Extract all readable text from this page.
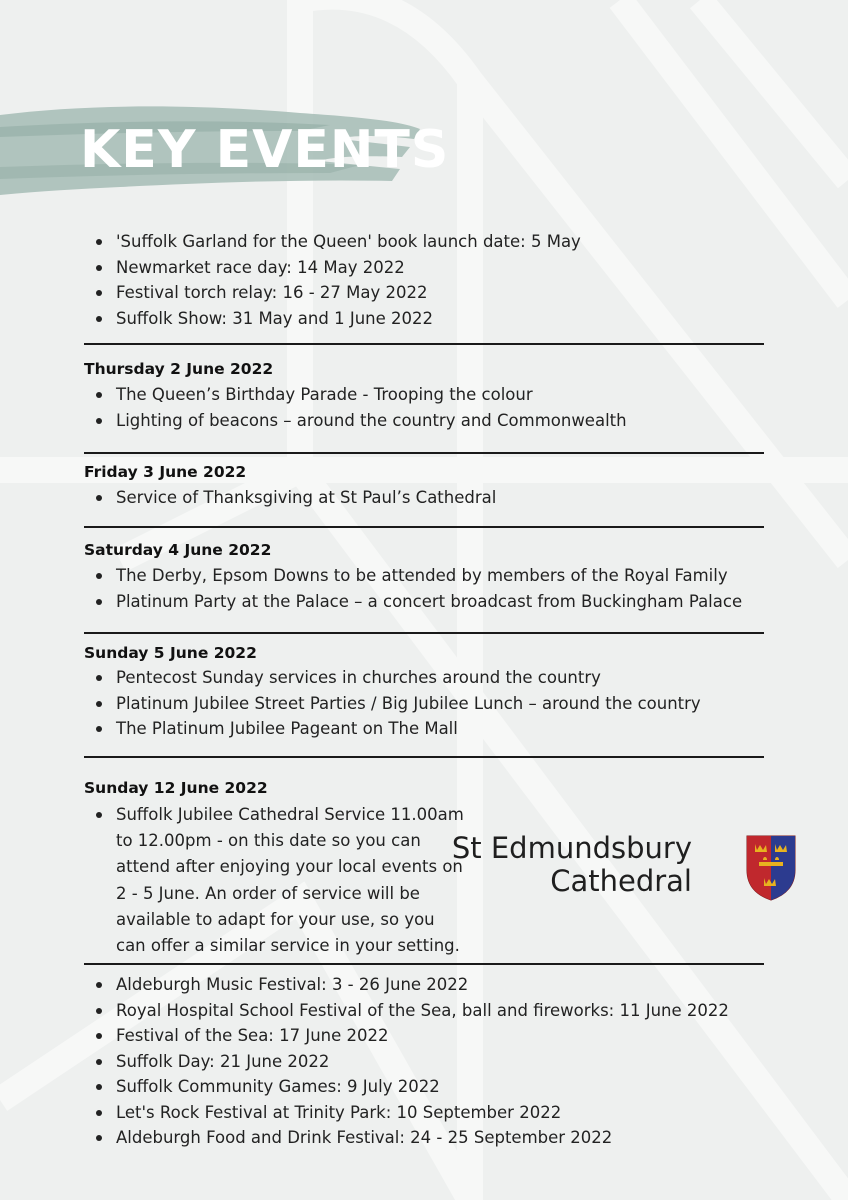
KEY EVENTS
'Suffolk Garland for the Queen' book launch date: 5 May
Newmarket race day: 14 May 2022
Festival torch relay: 16 - 27 May 2022
Suffolk Show: 31 May and 1 June 2022
Thursday 2 June 2022
The Queen’s Birthday Parade - Trooping the colour
Lighting of beacons – around the country and Commonwealth
Friday 3 June 2022
Service of Thanksgiving at St Paul’s Cathedral
Saturday 4 June 2022
The Derby, Epsom Downs to be attended by members of the Royal Family
Platinum Party at the Palace – a concert broadcast from Buckingham Palace
Sunday 5 June 2022
Pentecost Sunday services in churches around the country
Platinum Jubilee Street Parties / Big Jubilee Lunch – around the country
The Platinum Jubilee Pageant on The Mall
Sunday 12 June 2022
Suffolk Jubilee Cathedral Service 11.00am to 12.00pm - on this date so you can attend after enjoying your local events on 2 - 5 June. An order of service will be available to adapt for your use, so you can offer a similar service in your setting.
St Edmundsbury
Cathedral
Aldeburgh Music Festival: 3 - 26 June 2022
Royal Hospital School Festival of the Sea, ball and fireworks: 11 June 2022
Festival of the Sea: 17 June 2022
Suffolk Day: 21 June 2022
Suffolk Community Games: 9 July 2022
Let's Rock Festival at Trinity Park: 10 September 2022
Aldeburgh Food and Drink Festival: 24 - 25 September 2022
